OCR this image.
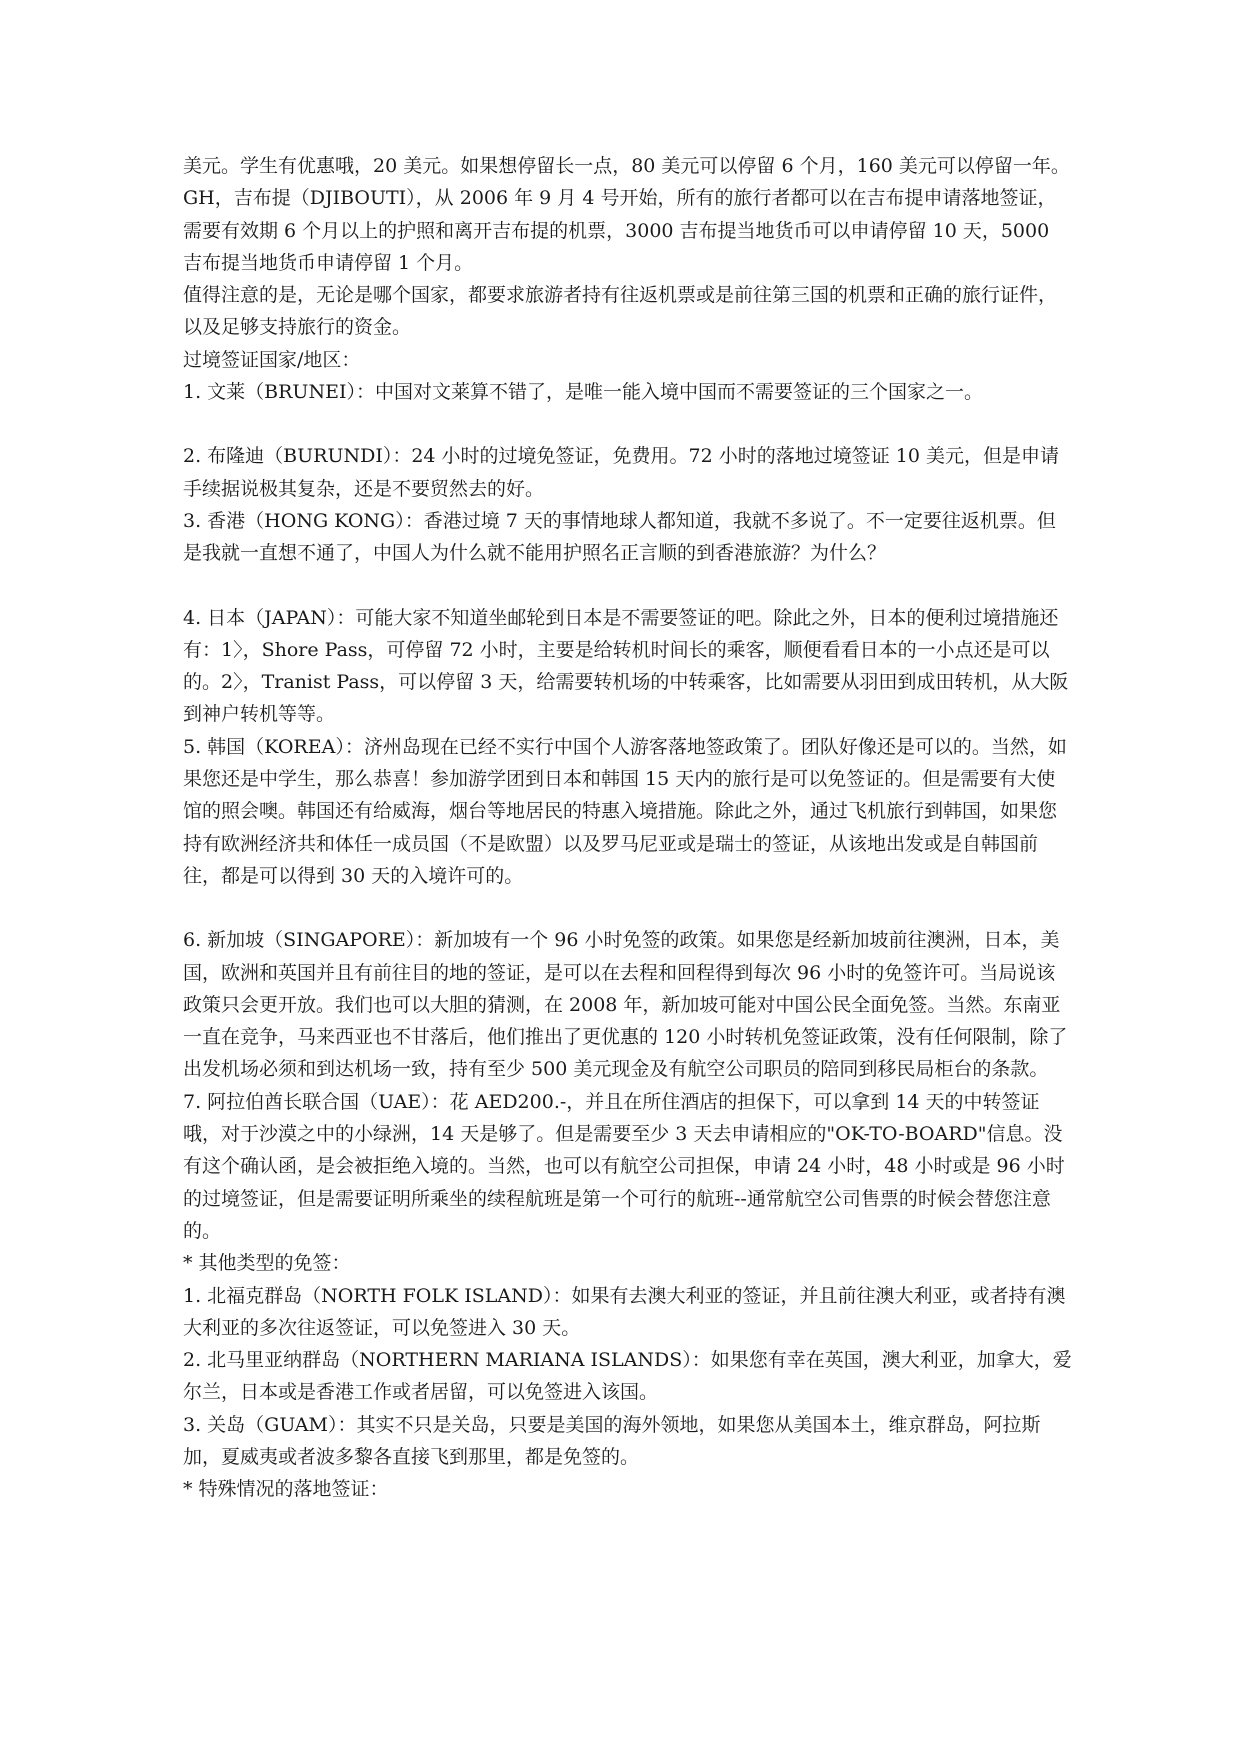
美元。学生有优惠哦，20 美元。如果想停留长一点，80 美元可以停留 6 个月，160 美元可以停留一年。

GH，吉布提（DJIBOUTI），从 2006 年 9 月 4 号开始，所有的旅行者都可以在吉布提申请落地签证，需要有效期 6 个月以上的护照和离开吉布提的机票，3000 吉布提当地货币可以申请停留 10 天，5000 吉布提当地货币申请停留 1 个月。

值得注意的是，无论是哪个国家，都要求旅游者持有往返机票或是前往第三国的机票和正确的旅行证件，以及足够支持旅行的资金。

过境签证国家/地区：

1. 文莱（BRUNEI）：中国对文莱算不错了，是唯一能入境中国而不需要签证的三个国家之一。

2. 布隆迪（BURUNDI）：24 小时的过境免签证，免费用。72 小时的落地过境签证 10 美元，但是申请手续据说极其复杂，还是不要贸然去的好。

3. 香港（HONG KONG）：香港过境 7 天的事情地球人都知道，我就不多说了。不一定要往返机票。但是我就一直想不通了，中国人为什么就不能用护照名正言顺的到香港旅游？为什么？

4. 日本（JAPAN）：可能大家不知道坐邮轮到日本是不需要签证的吧。除此之外，日本的便利过境措施还有：1〉，Shore Pass，可停留 72 小时，主要是给转机时间长的乘客，顺便看看日本的一小点还是可以的。2〉，Tranist Pass，可以停留 3 天，给需要转机场的中转乘客，比如需要从羽田到成田转机，从大阪到神户转机等等。

5. 韩国（KOREA）：济州岛现在已经不实行中国个人游客落地签政策了。团队好像还是可以的。当然，如果您还是中学生，那么恭喜！参加游学团到日本和韩国 15 天内的旅行是可以免签证的。但是需要有大使馆的照会噢。韩国还有给威海，烟台等地居民的特惠入境措施。除此之外，通过飞机旅行到韩国，如果您持有欧洲经济共和体任一成员国（不是欧盟）以及罗马尼亚或是瑞士的签证，从该地出发或是自韩国前往，都是可以得到 30 天的入境许可的。

6. 新加坡（SINGAPORE）：新加坡有一个 96 小时免签的政策。如果您是经新加坡前往澳洲，日本，美国，欧洲和英国并且有前往目的地的签证，是可以在去程和回程得到每次 96 小时的免签许可。当局说该政策只会更开放。我们也可以大胆的猜测，在 2008 年，新加坡可能对中国公民全面免签。当然。东南亚一直在竞争，马来西亚也不甘落后，他们推出了更优惠的 120 小时转机免签证政策，没有任何限制，除了出发机场必须和到达机场一致，持有至少 500 美元现金及有航空公司职员的陪同到移民局柜台的条款。

7. 阿拉伯酋长联合国（UAE）：花 AED200.-，并且在所住酒店的担保下，可以拿到 14 天的中转签证哦，对于沙漠之中的小绿洲，14 天是够了。但是需要至少 3 天去申请相应的"OK-TO-BOARD"信息。没有这个确认函，是会被拒绝入境的。当然，也可以有航空公司担保，申请 24 小时，48 小时或是 96 小时的过境签证，但是需要证明所乘坐的续程航班是第一个可行的航班--通常航空公司售票的时候会替您注意的。

* 其他类型的免签：

1. 北福克群岛（NORTH FOLK ISLAND）：如果有去澳大利亚的签证，并且前往澳大利亚，或者持有澳大利亚的多次往返签证，可以免签进入 30 天。

2. 北马里亚纳群岛（NORTHERN MARIANA ISLANDS）：如果您有幸在英国，澳大利亚，加拿大，爱尔兰，日本或是香港工作或者居留，可以免签进入该国。

3. 关岛（GUAM）：其实不只是关岛，只要是美国的海外领地，如果您从美国本土，维京群岛，阿拉斯加，夏威夷或者波多黎各直接飞到那里，都是免签的。

* 特殊情况的落地签证：
